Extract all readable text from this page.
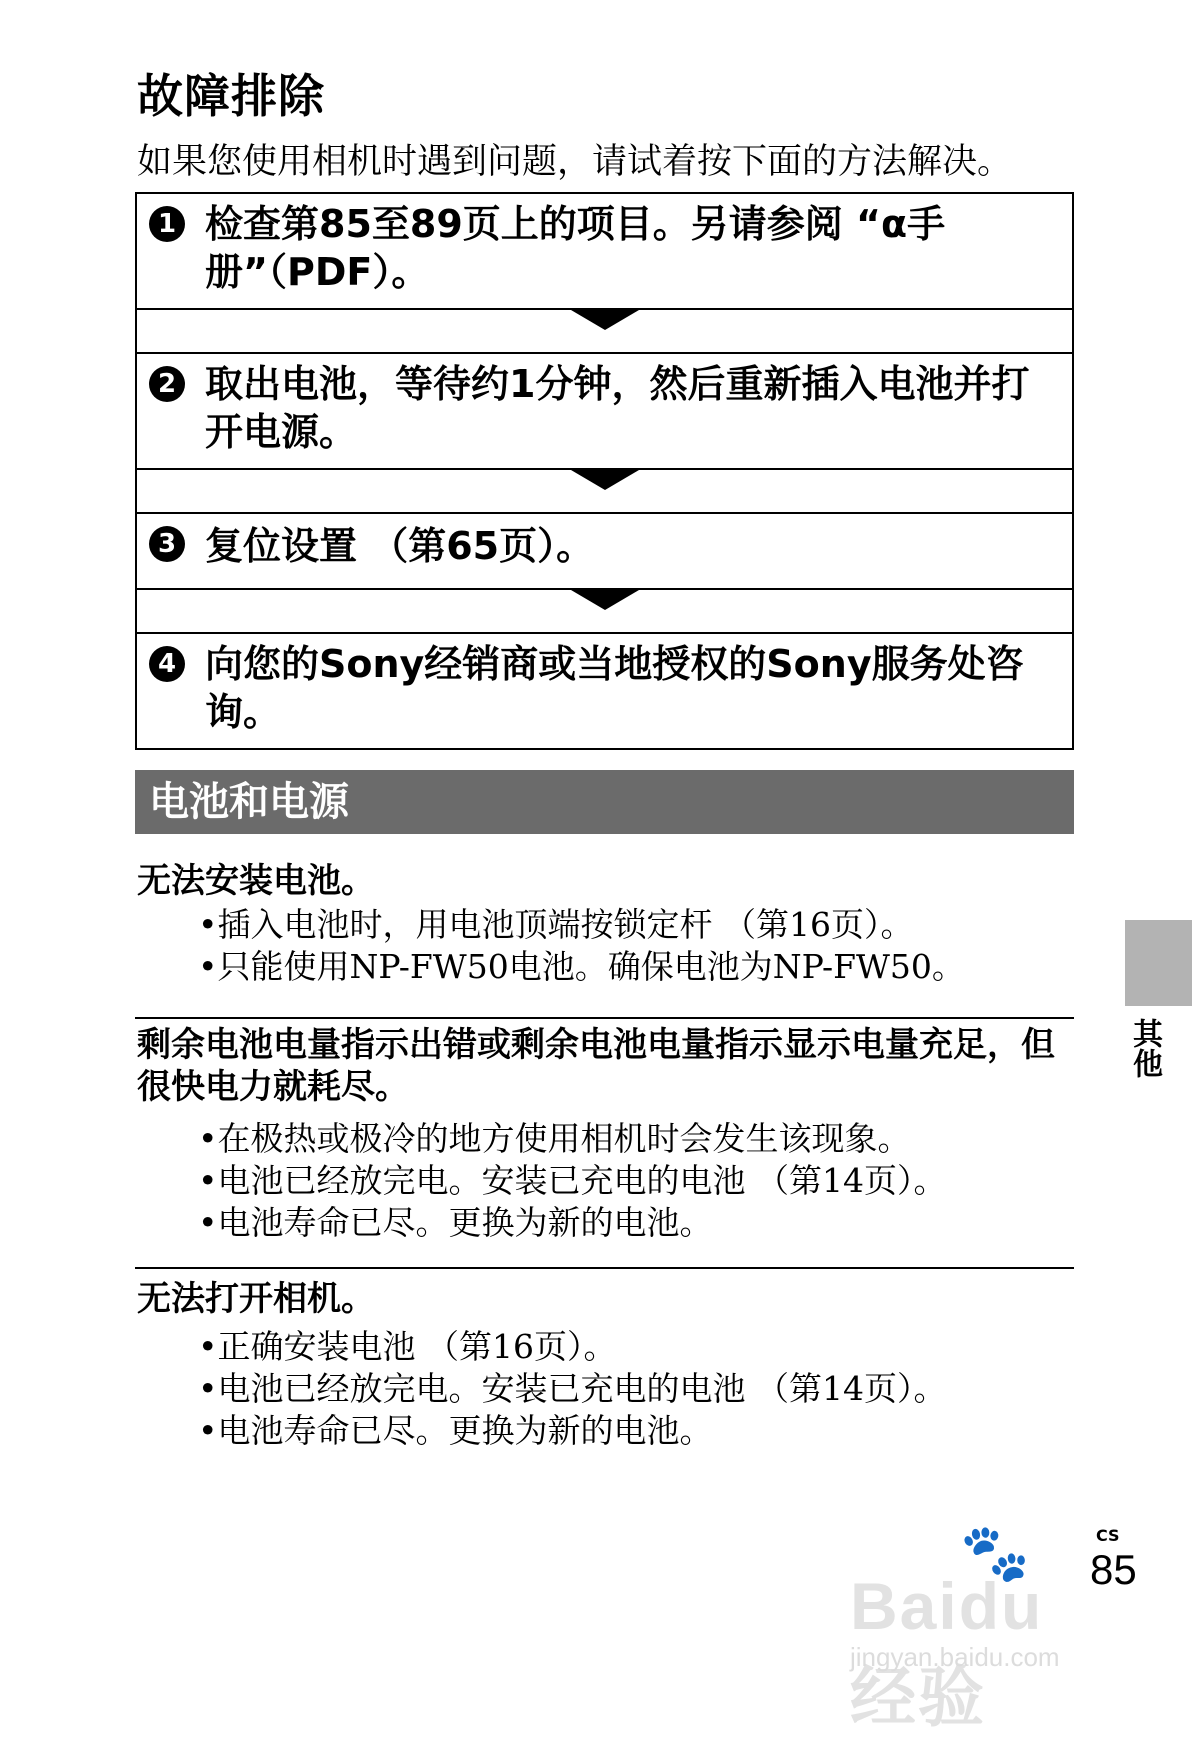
故障排除
如果您使用相机时遇到问题，请试着按下面的方法解决。
1 检查第85至89页上的项目。另请参阅 “α手册”（PDF）。
2 取出电池，等待约1分钟，然后重新插入电池并打开电源。
3 复位设置 （第65页）。
4 向您的Sony经销商或当地授权的Sony服务处咨询。
电池和电源
无法安装电池。
•插入电池时，用电池顶端按锁定杆 （第16页）。
•只能使用NP-FW50电池。确保电池为NP-FW50。
剩余电池电量指示出错或剩余电池电量指示显示电量充足，但很快电力就耗尽。
•在极热或极冷的地方使用相机时会发生该现象。
•电池已经放完电。安装已充电的电池 （第14页）。
•电池寿命已尽。更换为新的电池。
无法打开相机。
•正确安装电池 （第16页）。
•电池已经放完电。安装已充电的电池 （第14页）。
•电池寿命已尽。更换为新的电池。
其他
🐾
Baidu 经验
jingyan.baidu.com
CS
85
